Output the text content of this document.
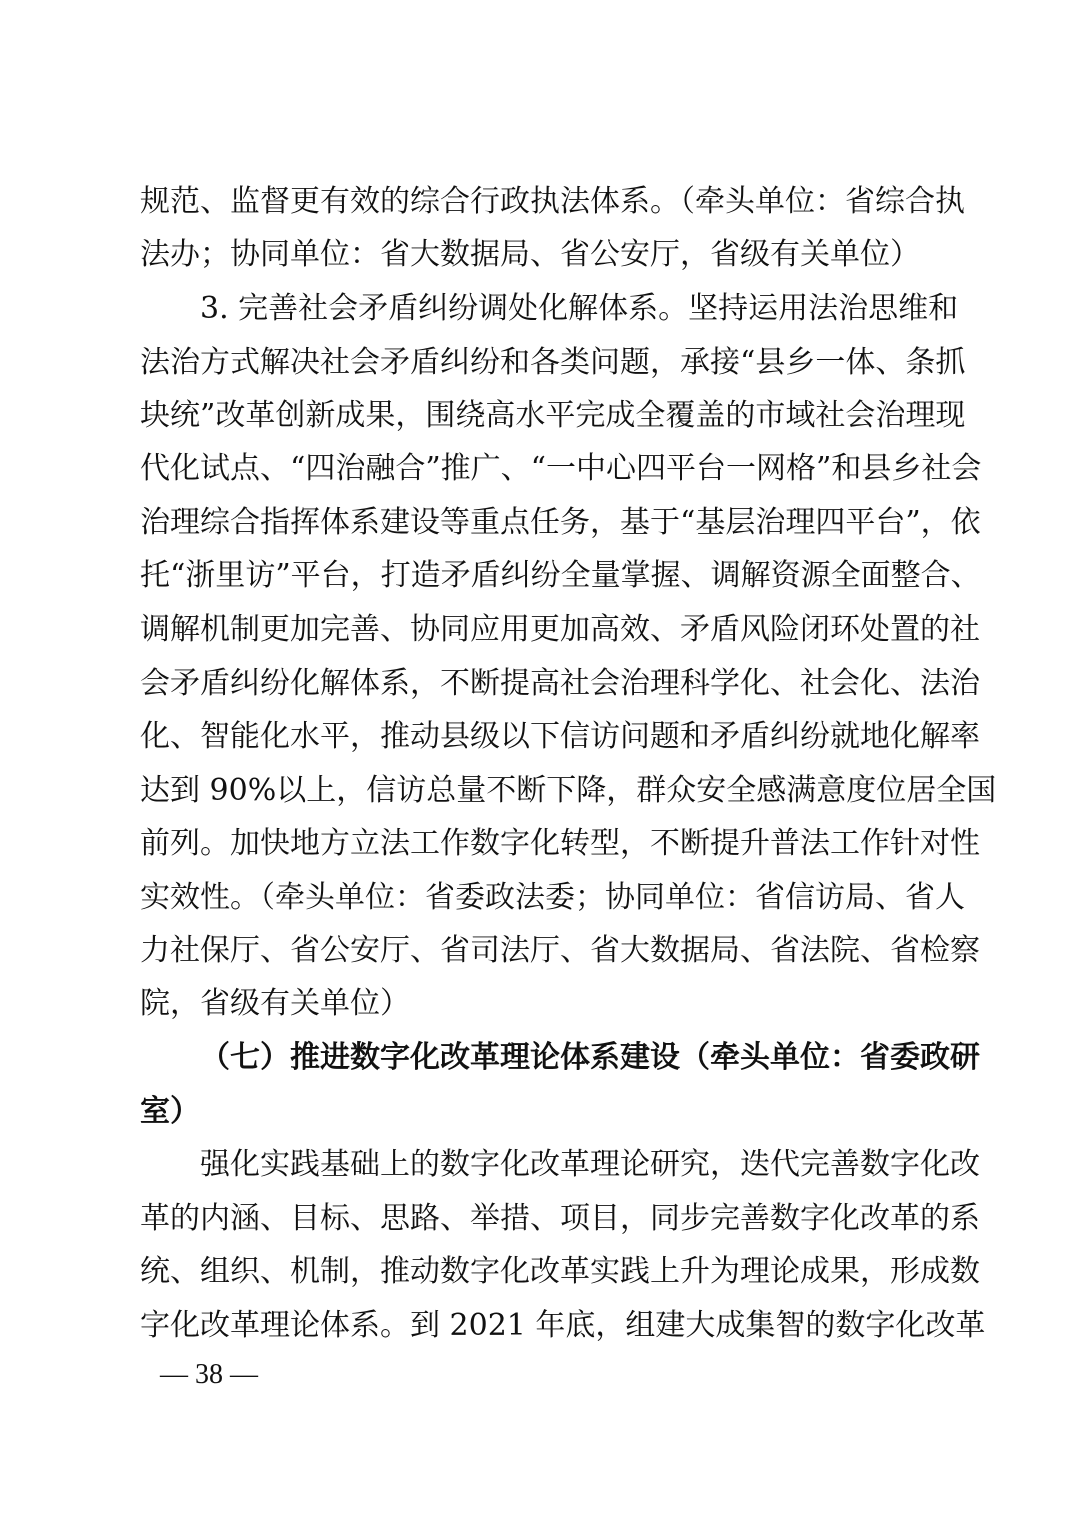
规范、监督更有效的综合行政执法体系。（牵头单位：省综合执
法办；协同单位：省大数据局、省公安厅，省级有关单位）
3. 完善社会矛盾纠纷调处化解体系。坚持运用法治思维和
法治方式解决社会矛盾纠纷和各类问题，承接“县乡一体、条抓
块统”改革创新成果，围绕高水平完成全覆盖的市域社会治理现
代化试点、“四治融合”推广、“一中心四平台一网格”和县乡社会
治理综合指挥体系建设等重点任务，基于“基层治理四平台”，依
托“浙里访”平台，打造矛盾纠纷全量掌握、调解资源全面整合、
调解机制更加完善、协同应用更加高效、矛盾风险闭环处置的社
会矛盾纠纷化解体系，不断提高社会治理科学化、社会化、法治
化、智能化水平，推动县级以下信访问题和矛盾纠纷就地化解率
达到 90%以上，信访总量不断下降，群众安全感满意度位居全国
前列。加快地方立法工作数字化转型，不断提升普法工作针对性
实效性。（牵头单位：省委政法委；协同单位：省信访局、省人
力社保厅、省公安厅、省司法厅、省大数据局、省法院、省检察
院，省级有关单位）
（七）推进数字化改革理论体系建设（牵头单位：省委政研
室）
强化实践基础上的数字化改革理论研究，迭代完善数字化改
革的内涵、目标、思路、举措、项目，同步完善数字化改革的系
统、组织、机制，推动数字化改革实践上升为理论成果，形成数
字化改革理论体系。到 2021 年底，组建大成集智的数字化改革
— 38 —
